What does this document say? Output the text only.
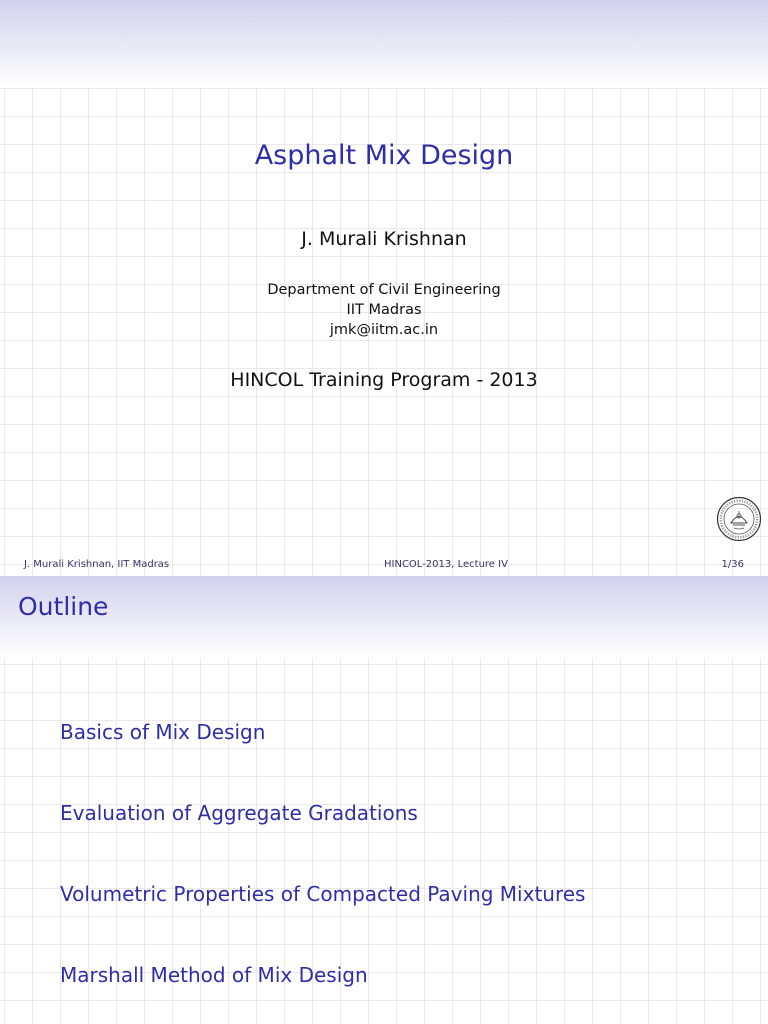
Asphalt Mix Design
J. Murali Krishnan
Department of Civil Engineering
IIT Madras
jmk@iitm.ac.in
HINCOL Training Program - 2013
J. Murali Krishnan, IIT Madras	HINCOL-2013, Lecture IV	1/36
Outline
Basics of Mix Design
Evaluation of Aggregate Gradations
Volumetric Properties of Compacted Paving Mixtures
Marshall Method of Mix Design
